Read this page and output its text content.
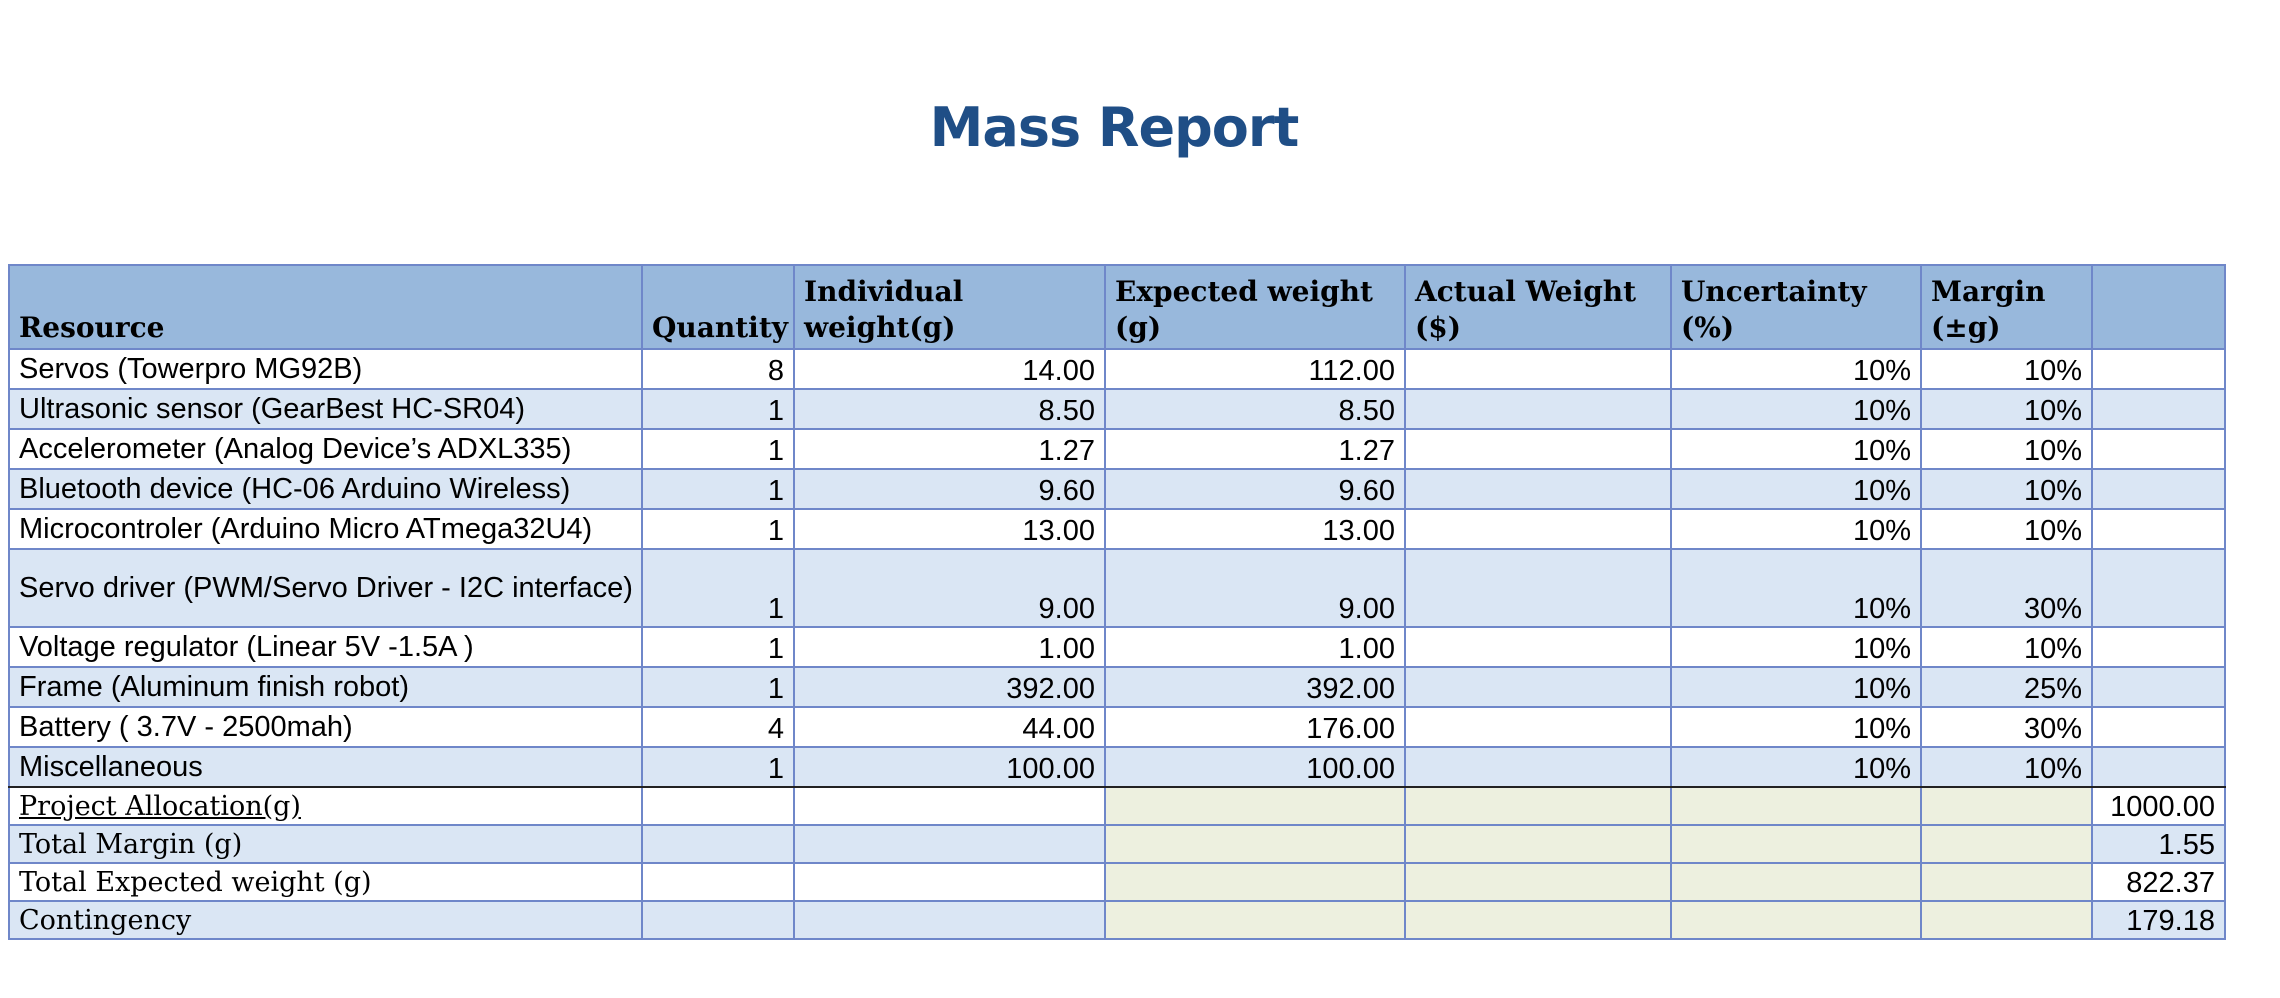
Mass Report
Resource	Quantity	Individual weight(g)	Expected weight (g)	Actual Weight ($)	Uncertainty (%)	Margin (±g)	
Servos (Towerpro MG92B)	8	14.00	112.00		10%	10%	
Ultrasonic sensor (GearBest HC-SR04)	1	8.50	8.50		10%	10%	
Accelerometer (Analog Device’s ADXL335)	1	1.27	1.27		10%	10%	
Bluetooth device (HC-06 Arduino Wireless)	1	9.60	9.60		10%	10%	
Microcontroler (Arduino Micro ATmega32U4)	1	13.00	13.00		10%	10%	
Servo driver (PWM/Servo Driver - I2C interface)	1	9.00	9.00		10%	30%	
Voltage regulator (Linear 5V -1.5A )	1	1.00	1.00		10%	10%	
Frame (Aluminum finish robot)	1	392.00	392.00		10%	25%	
Battery ( 3.7V - 2500mah)	4	44.00	176.00		10%	30%	
Miscellaneous	1	100.00	100.00		10%	10%	
Project Allocation(g)							1000.00
Total Margin (g)							1.55
Total Expected weight (g)							822.37
Contingency							179.18
